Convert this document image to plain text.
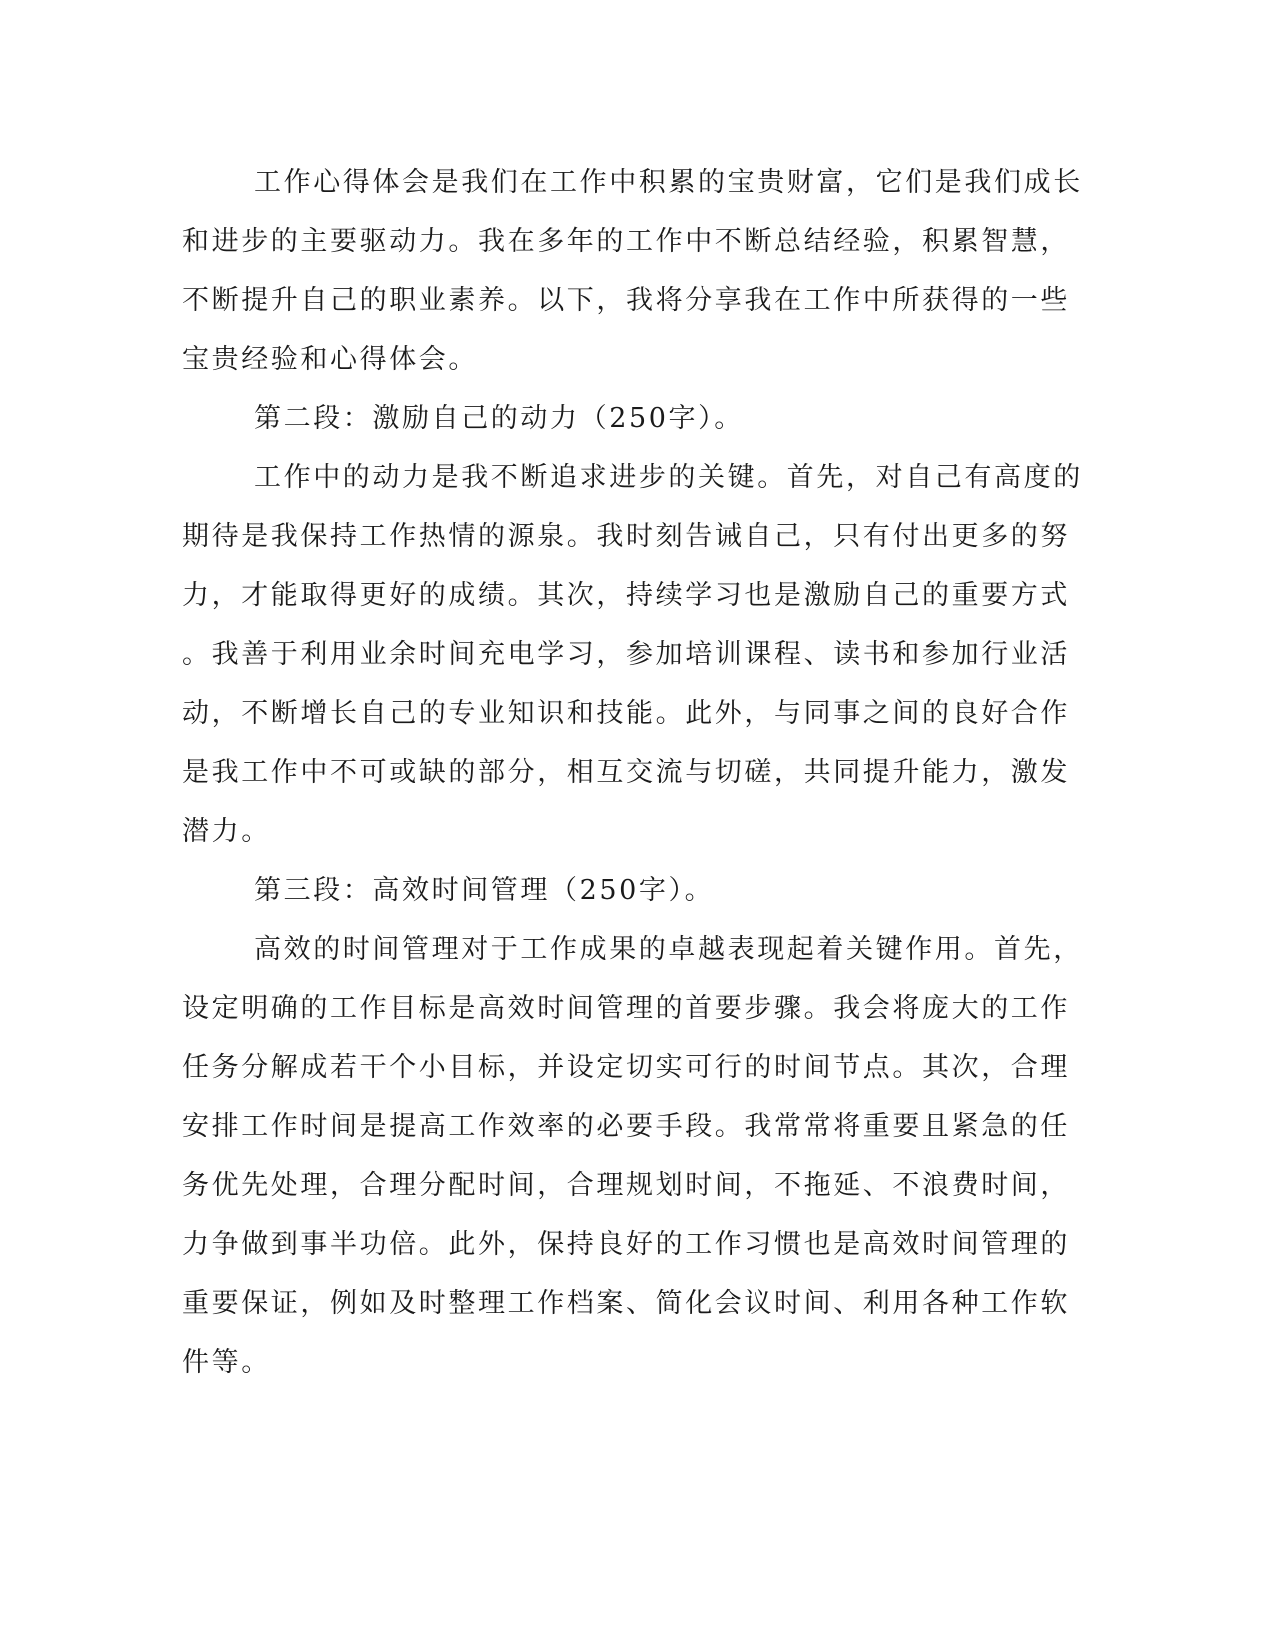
工作心得体会是我们在工作中积累的宝贵财富，它们是我们成长
和进步的主要驱动力。我在多年的工作中不断总结经验，积累智慧，
不断提升自己的职业素养。以下，我将分享我在工作中所获得的一些
宝贵经验和心得体会。
第二段：激励自己的动力（250字）。
工作中的动力是我不断追求进步的关键。首先，对自己有高度的
期待是我保持工作热情的源泉。我时刻告诫自己，只有付出更多的努
力，才能取得更好的成绩。其次，持续学习也是激励自己的重要方式
。我善于利用业余时间充电学习，参加培训课程、读书和参加行业活
动，不断增长自己的专业知识和技能。此外，与同事之间的良好合作
是我工作中不可或缺的部分，相互交流与切磋，共同提升能力，激发
潜力。
第三段：高效时间管理（250字）。
高效的时间管理对于工作成果的卓越表现起着关键作用。首先，
设定明确的工作目标是高效时间管理的首要步骤。我会将庞大的工作
任务分解成若干个小目标，并设定切实可行的时间节点。其次，合理
安排工作时间是提高工作效率的必要手段。我常常将重要且紧急的任
务优先处理，合理分配时间，合理规划时间，不拖延、不浪费时间，
力争做到事半功倍。此外，保持良好的工作习惯也是高效时间管理的
重要保证，例如及时整理工作档案、简化会议时间、利用各种工作软
件等。
